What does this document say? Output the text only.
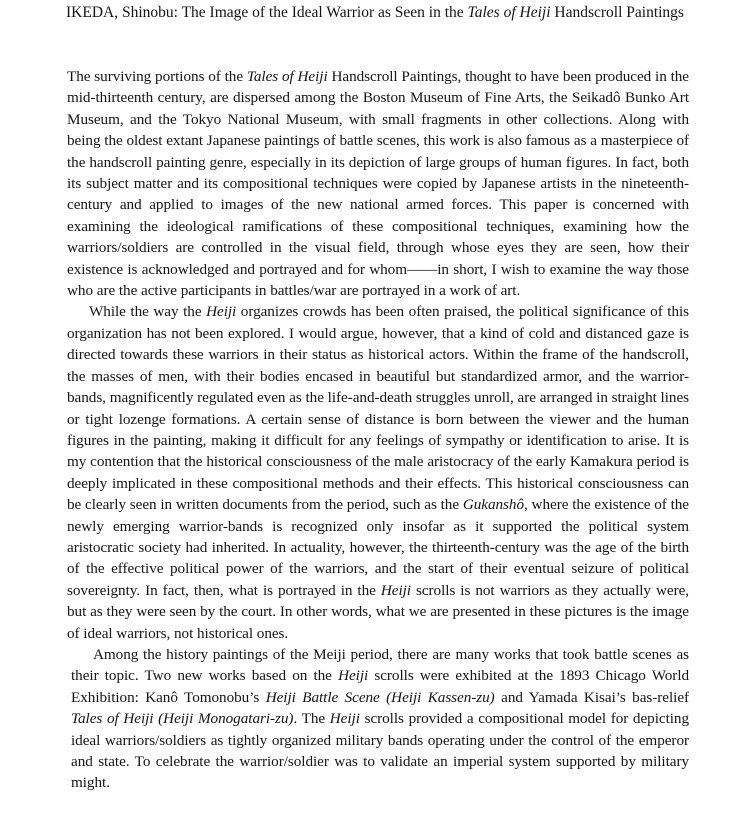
IKEDA, Shinobu: The Image of the Ideal Warrior as Seen in the Tales of Heiji Handscroll Paintings

The surviving portions of the Tales of Heiji Handscroll Paintings, thought to have been produced in the mid-thirteenth century, are dispersed among the Boston Museum of Fine Arts, the Seikadô Bunko Art Museum, and the Tokyo National Museum, with small fragments in other collections. Along with being the oldest extant Japanese paintings of battle scenes, this work is also famous as a masterpiece of the handscroll painting genre, especially in its depiction of large groups of human figures. In fact, both its subject matter and its compositional techniques were copied by Japanese artists in the nineteenth-century and applied to images of the new national armed forces. This paper is concerned with examining the ideological ramifications of these compositional techniques, examining how the warriors/soldiers are controlled in the visual field, through whose eyes they are seen, how their existence is acknowledged and portrayed and for whom——in short, I wish to examine the way those who are the active participants in battles/war are portrayed in a work of art.

While the way the Heiji organizes crowds has been often praised, the political significance of this organization has not been explored. I would argue, however, that a kind of cold and distanced gaze is directed towards these warriors in their status as historical actors. Within the frame of the handscroll, the masses of men, with their bodies encased in beautiful but standardized armor, and the warrior-bands, magnificently regulated even as the life-and-death struggles unroll, are arranged in straight lines or tight lozenge formations. A certain sense of distance is born between the viewer and the human figures in the painting, making it difficult for any feelings of sympathy or identification to arise. It is my contention that the historical consciousness of the male aristocracy of the early Kamakura period is deeply implicated in these compositional methods and their effects. This historical consciousness can be clearly seen in written documents from the period, such as the Gukanshô, where the existence of the newly emerging warrior-bands is recognized only insofar as it supported the political system aristocratic society had inherited. In actuality, however, the thirteenth-century was the age of the birth of the effective political power of the warriors, and the start of their eventual seizure of political sovereignty. In fact, then, what is portrayed in the Heiji scrolls is not warriors as they actually were, but as they were seen by the court. In other words, what we are presented in these pictures is the image of ideal warriors, not historical ones.

Among the history paintings of the Meiji period, there are many works that took battle scenes as their topic. Two new works based on the Heiji scrolls were exhibited at the 1893 Chicago World Exhibition: Kanô Tomonobu’s Heiji Battle Scene (Heiji Kassen-zu) and Yamada Kisai’s bas-relief Tales of Heiji (Heiji Monogatari-zu). The Heiji scrolls provided a compositional model for depicting ideal warriors/soldiers as tightly organized military bands operating under the control of the emperor and state. To celebrate the warrior/soldier was to validate an imperial system supported by military might.
